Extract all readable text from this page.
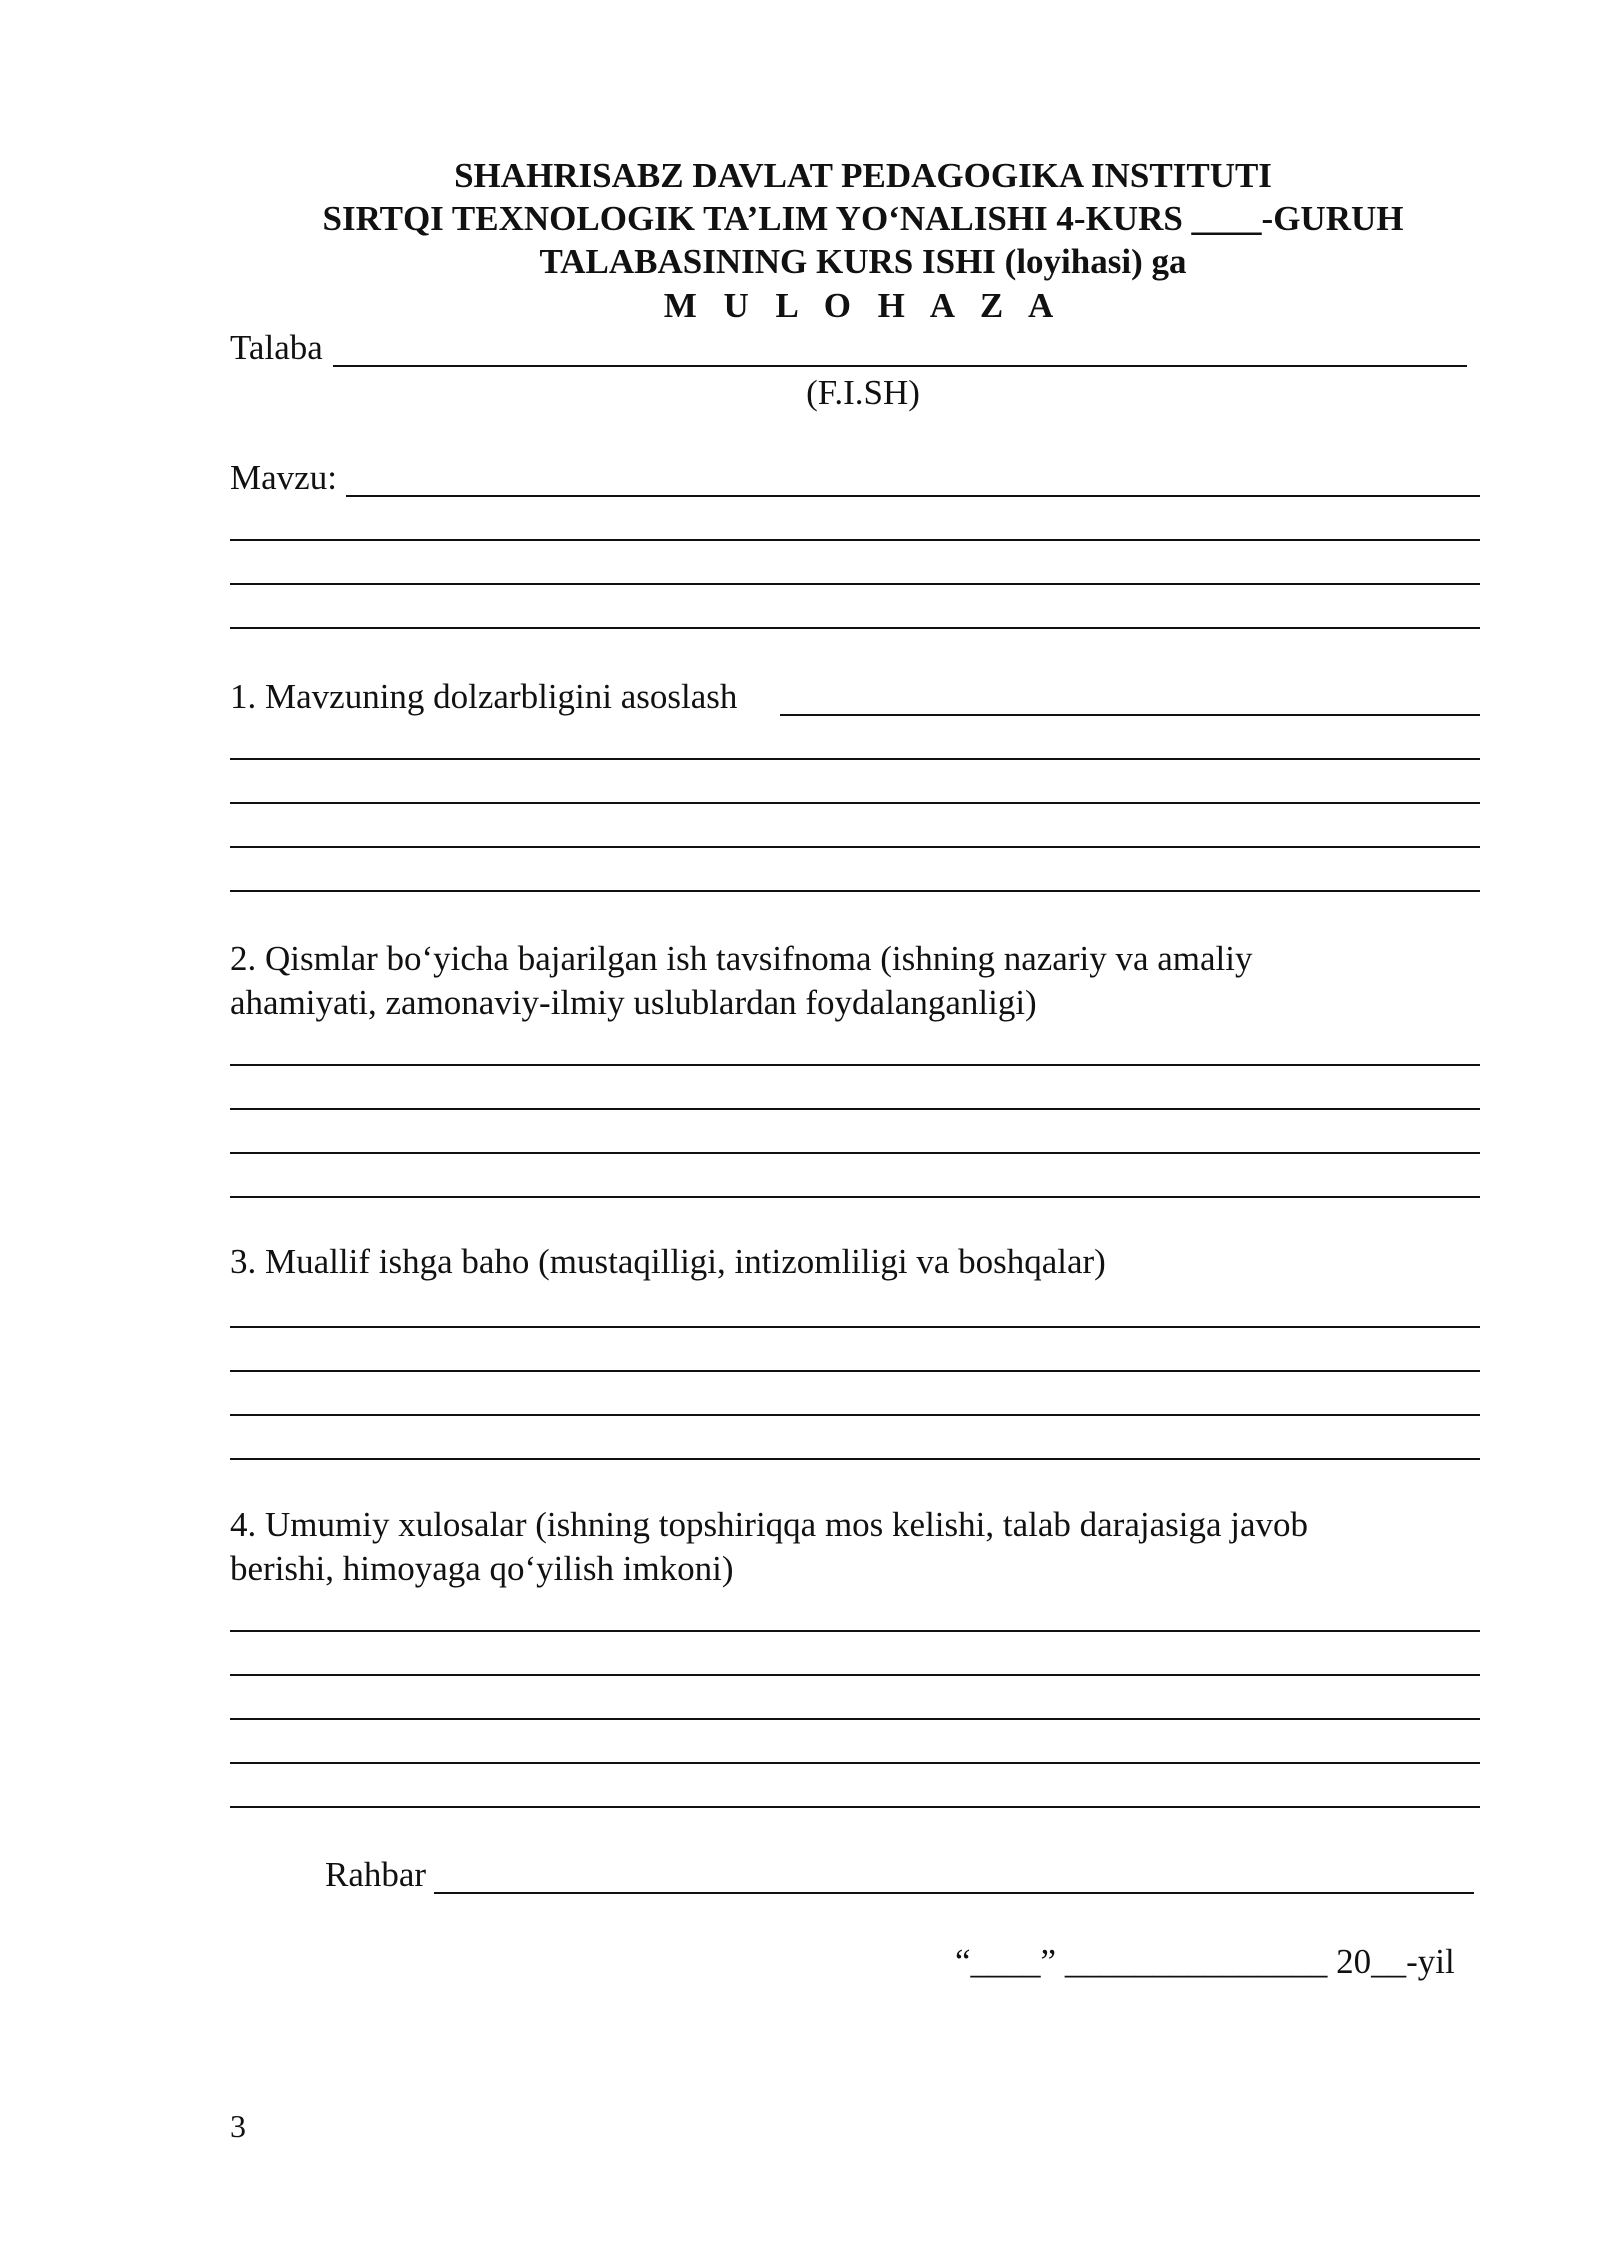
SHAHRISABZ DAVLAT PEDAGOGIKA INSTITUTI
SIRTQI TEXNOLOGIK TA’LIM YO‘NALISHI 4-KURS ____-GURUH
TALABASINING KURS ISHI (loyihasi) ga
M U L O H A Z A
Talaba
(F.I.SH)
Mavzu:
1. Mavzuning dolzarbligini asoslash
2. Qismlar bo‘yicha bajarilgan ish tavsifnoma (ishning nazariy va amaliy
ahamiyati, zamonaviy-ilmiy uslublardan foydalanganligi)
3. Muallif ishga baho (mustaqilligi, intizomliligi va boshqalar)
4. Umumiy xulosalar (ishning topshiriqqa mos kelishi, talab darajasiga javob
berishi, himoyaga qo‘yilish imkoni)
Rahbar
“____” _______________ 20__-yil
3
